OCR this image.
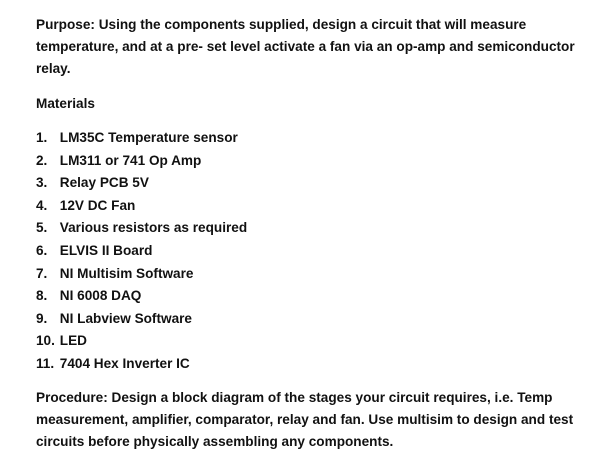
Purpose: Using the components supplied, design a circuit that will measure temperature, and at a pre- set level activate a fan via an op-amp and semiconductor relay.

Materials
1. LM35C Temperature sensor
2. LM311 or 741 Op Amp
3. Relay PCB 5V
4. 12V DC Fan
5. Various resistors as required
6. ELVIS II Board
7. NI Multisim Software
8. NI 6008 DAQ
9. NI Labview Software
10. LED
11. 7404 Hex Inverter IC

Procedure: Design a block diagram of the stages your circuit requires, i.e. Temp measurement, amplifier, comparator, relay and fan. Use multisim to design and test circuits before physically assembling any components.
